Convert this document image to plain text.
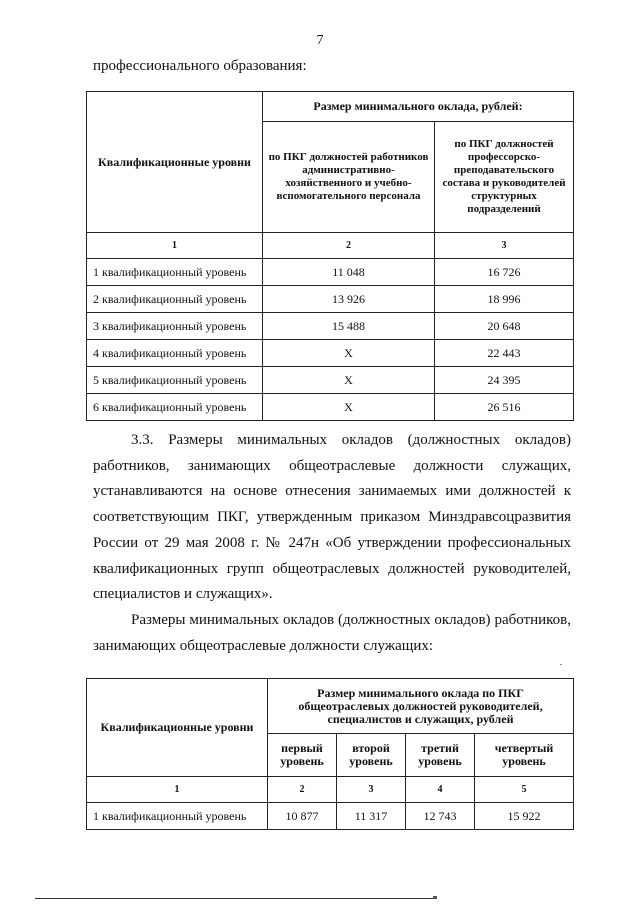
7
профессионального образования:
Квалификационные уровни	Размер минимального оклада, рублей:	
	по ПКГ должностей работников административно-хозяйственного и учебно-вспомогательного персонала	по ПКГ должностей профессорско-преподавательского состава и руководителей структурных подразделений
1	2	3
1 квалификационный уровень	11 048	16 726
2 квалификационный уровень	13 926	18 996
3 квалификационный уровень	15 488	20 648
4 квалификационный уровень	X	22 443
5 квалификационный уровень	X	24 395
6 квалификационный уровень	X	26 516

3.3. Размеры минимальных окладов (должностных окладов) работников, занимающих общеотраслевые должности служащих, устанавливаются на основе отнесения занимаемых ими должностей к соответствующим ПКГ, утвержденным приказом Минздравсоцразвития России от 29 мая 2008 г. № 247н «Об утверждении профессиональных квалификационных групп общеотраслевых должностей руководителей, специалистов и служащих».

Размеры минимальных окладов (должностных окладов) работников, занимающих общеотраслевые должности служащих:

Квалификационные уровни	Размер минимального оклада по ПКГ общеотраслевых должностей руководителей, специалистов и служащих, рублей			
	первый уровень	второй уровень	третий уровень	четвертый уровень
1	2	3	4	5
1 квалификационный уровень	10 877	11 317	12 743	15 922
